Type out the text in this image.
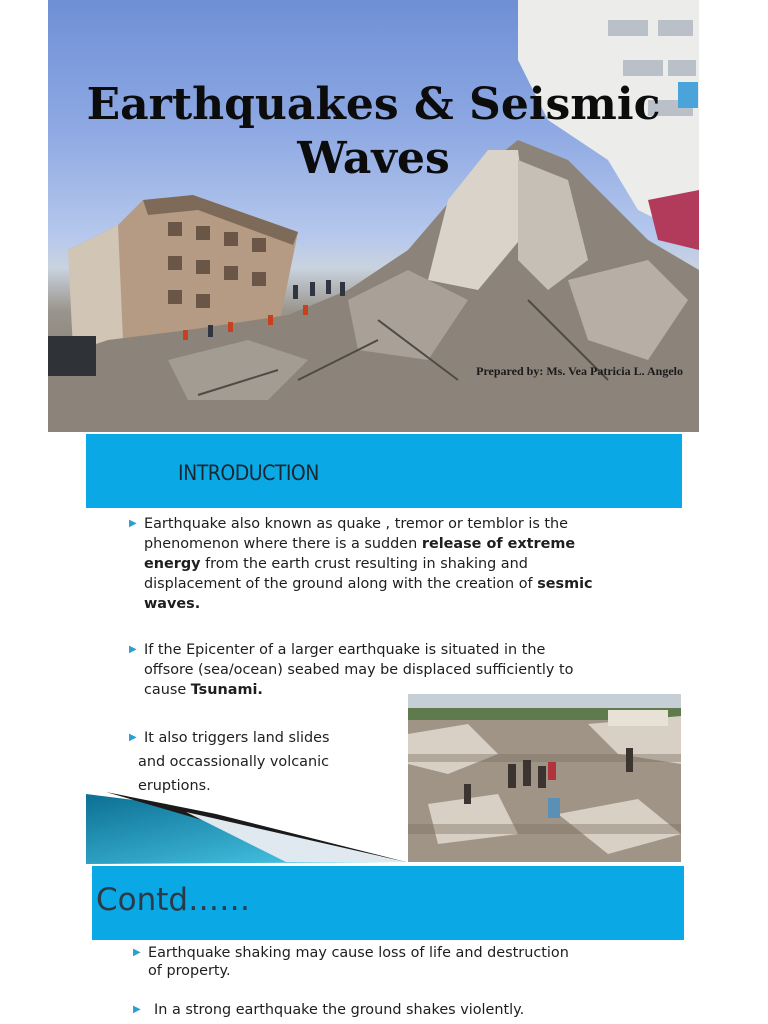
Earthquakes & Seismic
Waves
Prepared by: Ms. Vea Patricia L. Angelo
INTRODUCTION
▶ Earthquake also known as quake , tremor or temblor is the
phenomenon where there is a sudden release of extreme
energy from the earth crust resulting in shaking and
displacement of the ground along with the creation of sesmic
waves.
▶ If the Epicenter of a larger earthquake is situated in the
offsore (sea/ocean) seabed may be displaced sufficiently to
cause Tsunami.
▶ It also triggers land slides
and occassionally volcanic
eruptions.
Contd……
▶ Earthquake shaking may cause loss of life and destruction
of property.
▶ In a strong earthquake the ground shakes violently.
